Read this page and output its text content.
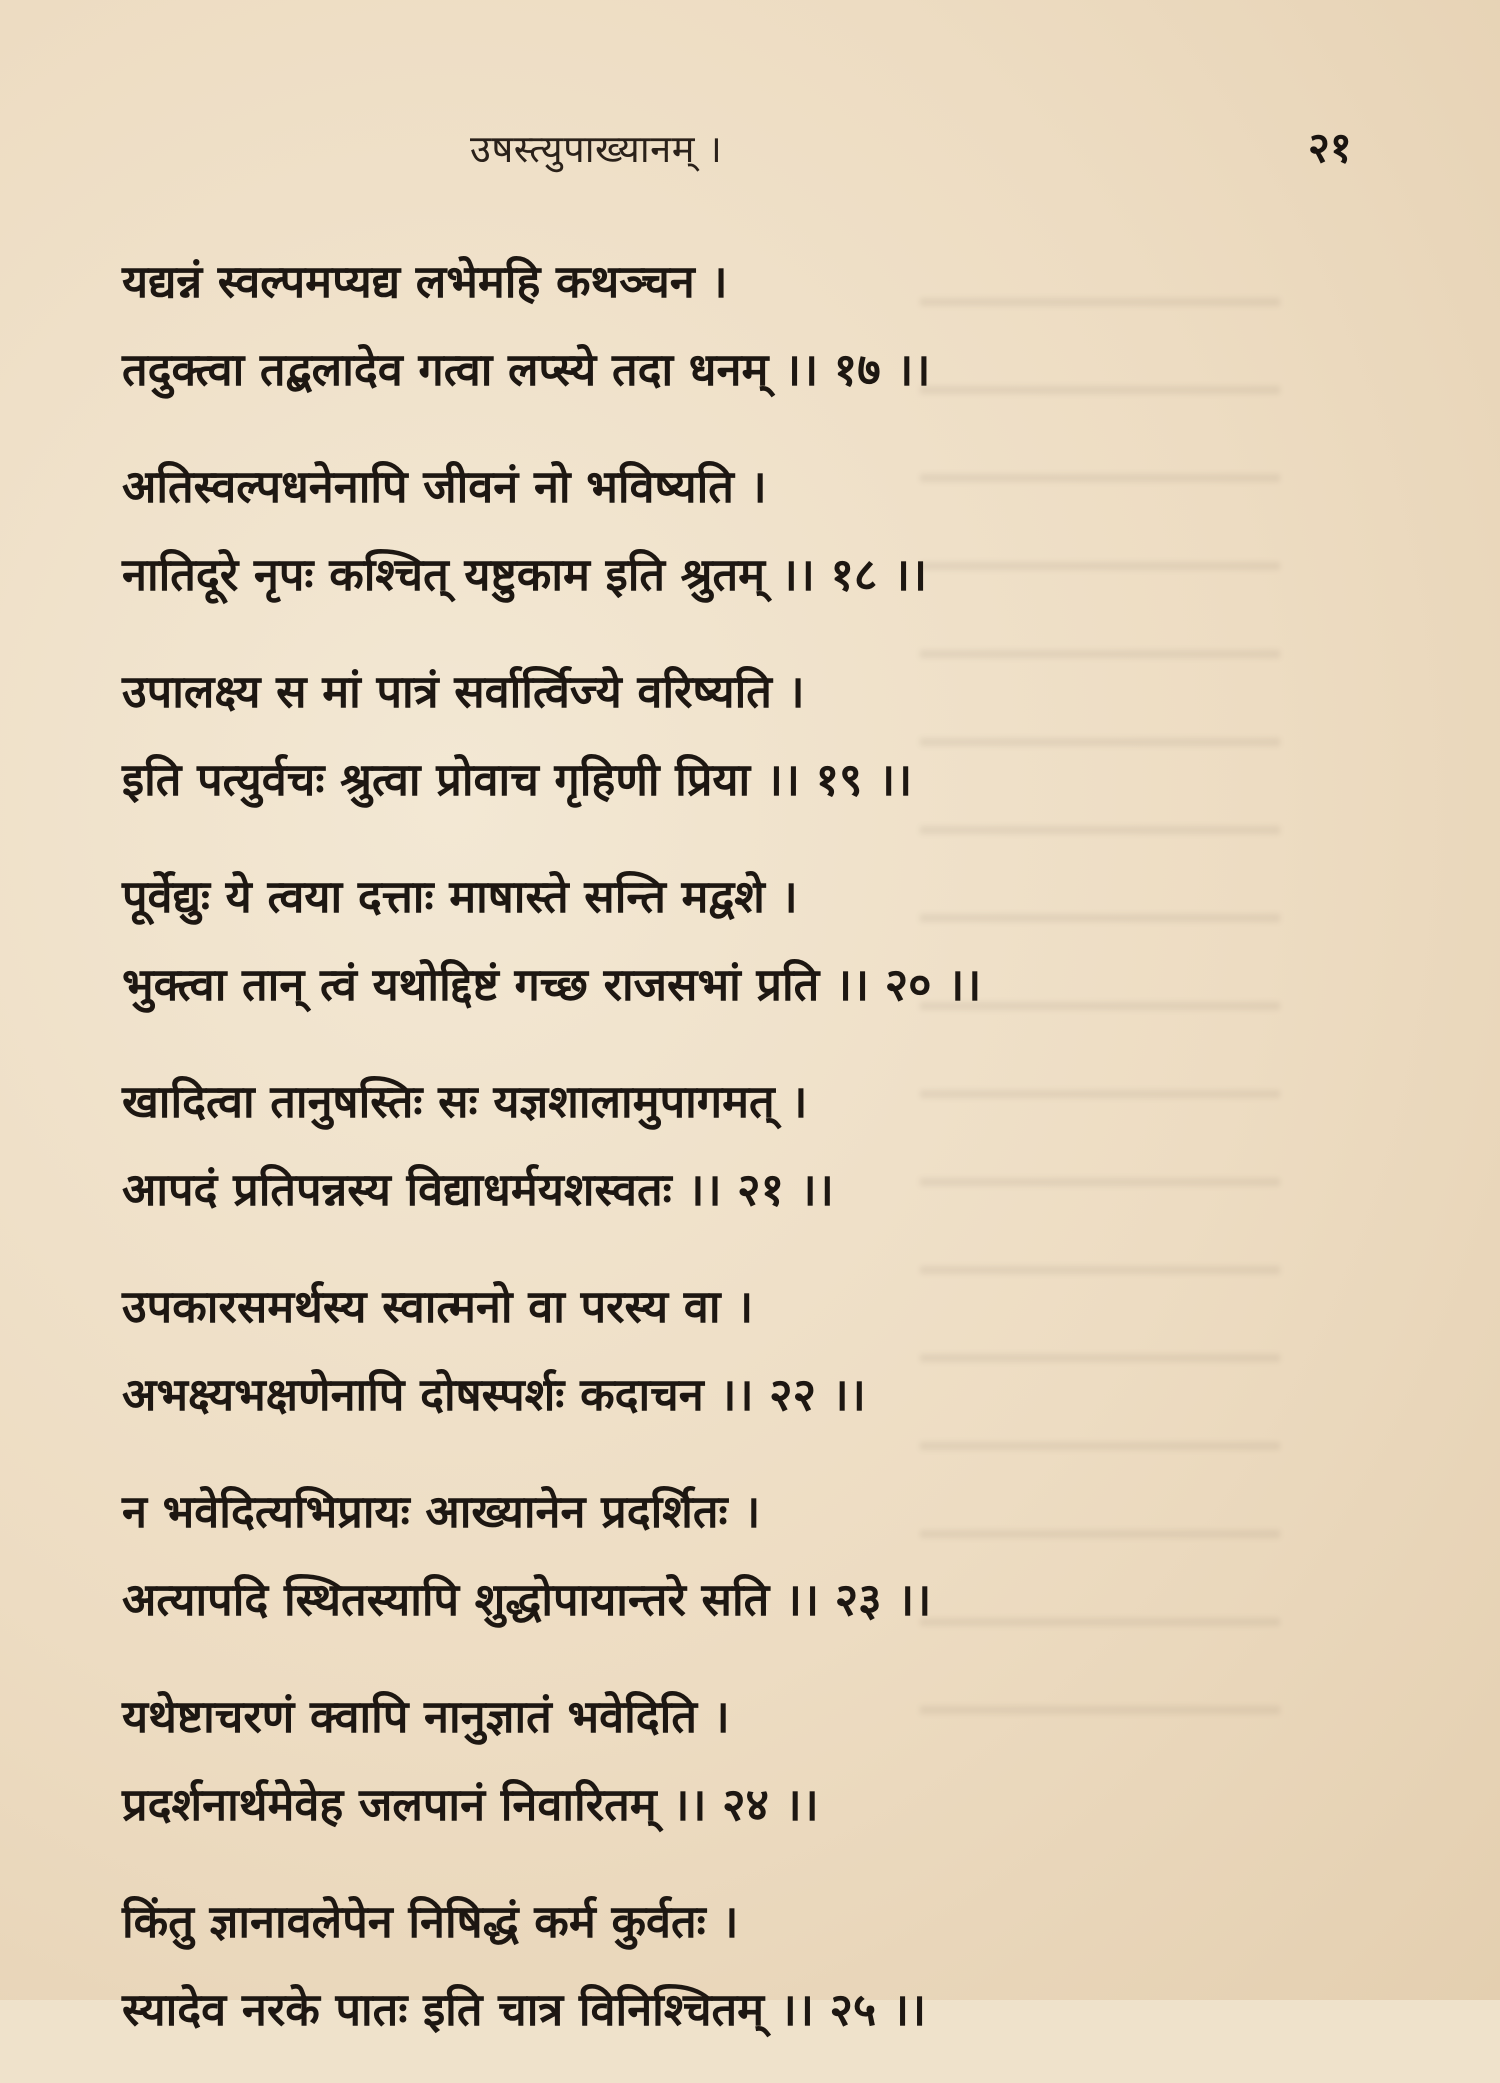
उषस्त्युपाख्यानम् ।	२१
यद्यन्नं स्वल्पमप्यद्य लभेमहि कथञ्चन ।
तदुक्त्वा तद्बलादेव गत्वा लप्स्ये तदा धनम् ।। १७ ।।
अतिस्वल्पधनेनापि जीवनं नो भविष्यति ।
नातिदूरे नृपः कश्चित् यष्टुकाम इति श्रुतम् ।। १८ ।।
उपालक्ष्य स मां पात्रं सर्वार्त्विज्ये वरिष्यति ।
इति पत्युर्वचः श्रुत्वा प्रोवाच गृहिणी प्रिया ।। १९ ।।
पूर्वेद्युः ये त्वया दत्ताः माषास्ते सन्ति मद्वशे ।
भुक्त्वा तान् त्वं यथोद्दिष्टं गच्छ राजसभां प्रति ।। २० ।।
खादित्वा तानुषस्तिः सः यज्ञशालामुपागमत् ।
आपदं प्रतिपन्नस्य विद्याधर्मयशस्वतः ।। २१ ।।
उपकारसमर्थस्य स्वात्मनो वा परस्य वा ।
अभक्ष्यभक्षणेनापि दोषस्पर्शः कदाचन ।। २२ ।।
न भवेदित्यभिप्रायः आख्यानेन प्रदर्शितः ।
अत्यापदि स्थितस्यापि शुद्धोपायान्तरे सति ।। २३ ।।
यथेष्टाचरणं क्वापि नानुज्ञातं भवेदिति ।
प्रदर्शनार्थमेवेह जलपानं निवारितम् ।। २४ ।।
किंतु ज्ञानावलेपेन निषिद्धं कर्म कुर्वतः ।
स्यादेव नरके पातः इति चात्र विनिश्चितम् ।। २५ ।।
